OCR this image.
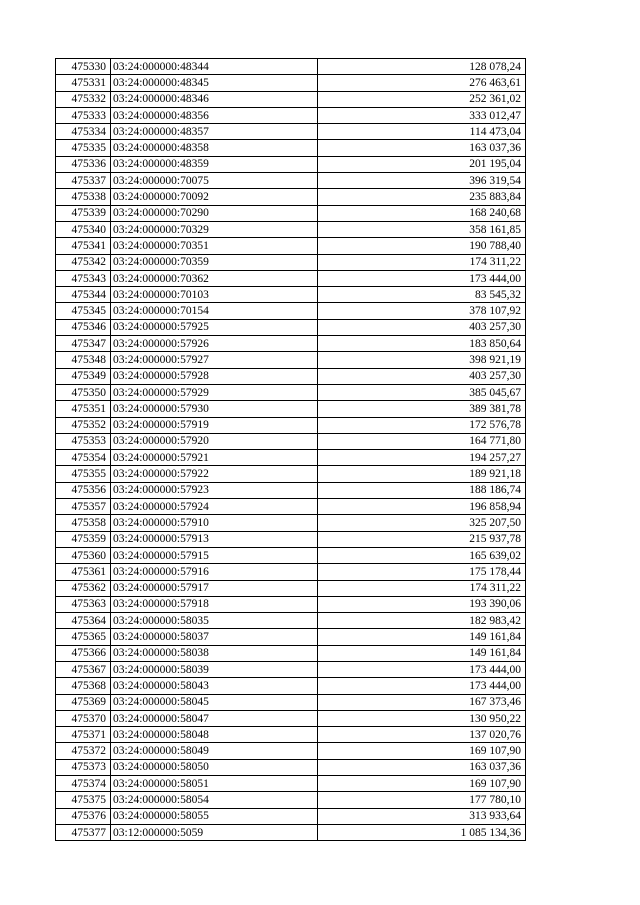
475330	03:24:000000:48344	128 078,24
475331	03:24:000000:48345	276 463,61
475332	03:24:000000:48346	252 361,02
475333	03:24:000000:48356	333 012,47
475334	03:24:000000:48357	114 473,04
475335	03:24:000000:48358	163 037,36
475336	03:24:000000:48359	201 195,04
475337	03:24:000000:70075	396 319,54
475338	03:24:000000:70092	235 883,84
475339	03:24:000000:70290	168 240,68
475340	03:24:000000:70329	358 161,85
475341	03:24:000000:70351	190 788,40
475342	03:24:000000:70359	174 311,22
475343	03:24:000000:70362	173 444,00
475344	03:24:000000:70103	83 545,32
475345	03:24:000000:70154	378 107,92
475346	03:24:000000:57925	403 257,30
475347	03:24:000000:57926	183 850,64
475348	03:24:000000:57927	398 921,19
475349	03:24:000000:57928	403 257,30
475350	03:24:000000:57929	385 045,67
475351	03:24:000000:57930	389 381,78
475352	03:24:000000:57919	172 576,78
475353	03:24:000000:57920	164 771,80
475354	03:24:000000:57921	194 257,27
475355	03:24:000000:57922	189 921,18
475356	03:24:000000:57923	188 186,74
475357	03:24:000000:57924	196 858,94
475358	03:24:000000:57910	325 207,50
475359	03:24:000000:57913	215 937,78
475360	03:24:000000:57915	165 639,02
475361	03:24:000000:57916	175 178,44
475362	03:24:000000:57917	174 311,22
475363	03:24:000000:57918	193 390,06
475364	03:24:000000:58035	182 983,42
475365	03:24:000000:58037	149 161,84
475366	03:24:000000:58038	149 161,84
475367	03:24:000000:58039	173 444,00
475368	03:24:000000:58043	173 444,00
475369	03:24:000000:58045	167 373,46
475370	03:24:000000:58047	130 950,22
475371	03:24:000000:58048	137 020,76
475372	03:24:000000:58049	169 107,90
475373	03:24:000000:58050	163 037,36
475374	03:24:000000:58051	169 107,90
475375	03:24:000000:58054	177 780,10
475376	03:24:000000:58055	313 933,64
475377	03:12:000000:5059	1 085 134,36
